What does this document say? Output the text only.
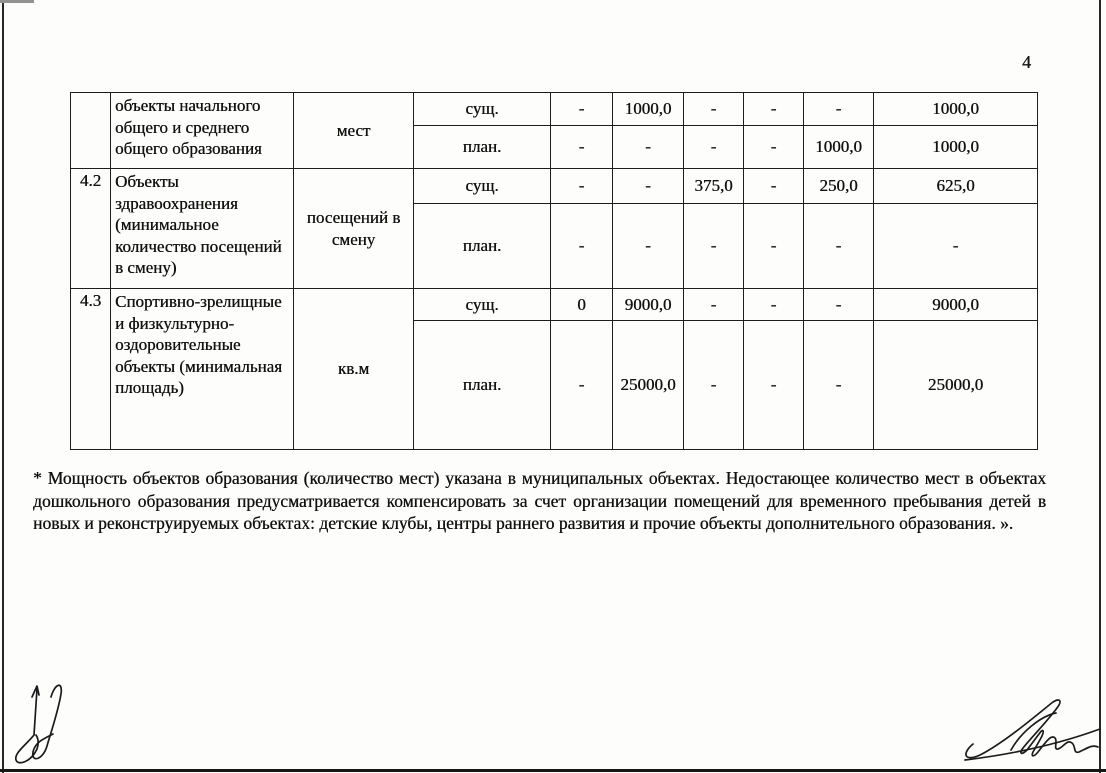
4
	объекты начального общего и среднего общего образования	мест	сущ.	-	1000,0	-	-	-	1000,0
			план.	-	-	-	-	1000,0	1000,0
4.2	Объекты здравоохранения (минимальное количество посещений в смену)	посещений в смену	сущ.	-	-	375,0	-	250,0	625,0
			план.	-	-	-	-	-	-
4.3	Спортивно-зрелищные и физкультурно-оздоровительные объекты (минимальная площадь)	кв.м	сущ.	0	9000,0	-	-	-	9000,0
			план.	-	25000,0	-	-	-	25000,0
* Мощность объектов образования (количество мест) указана в муниципальных объектах. Недостающее количество мест в объектах дошкольного образования предусматривается компенсировать за счет организации помещений для временного пребывания детей в новых и реконструируемых объектах: детские клубы, центры раннего развития и прочие объекты дополнительного образования. ».
